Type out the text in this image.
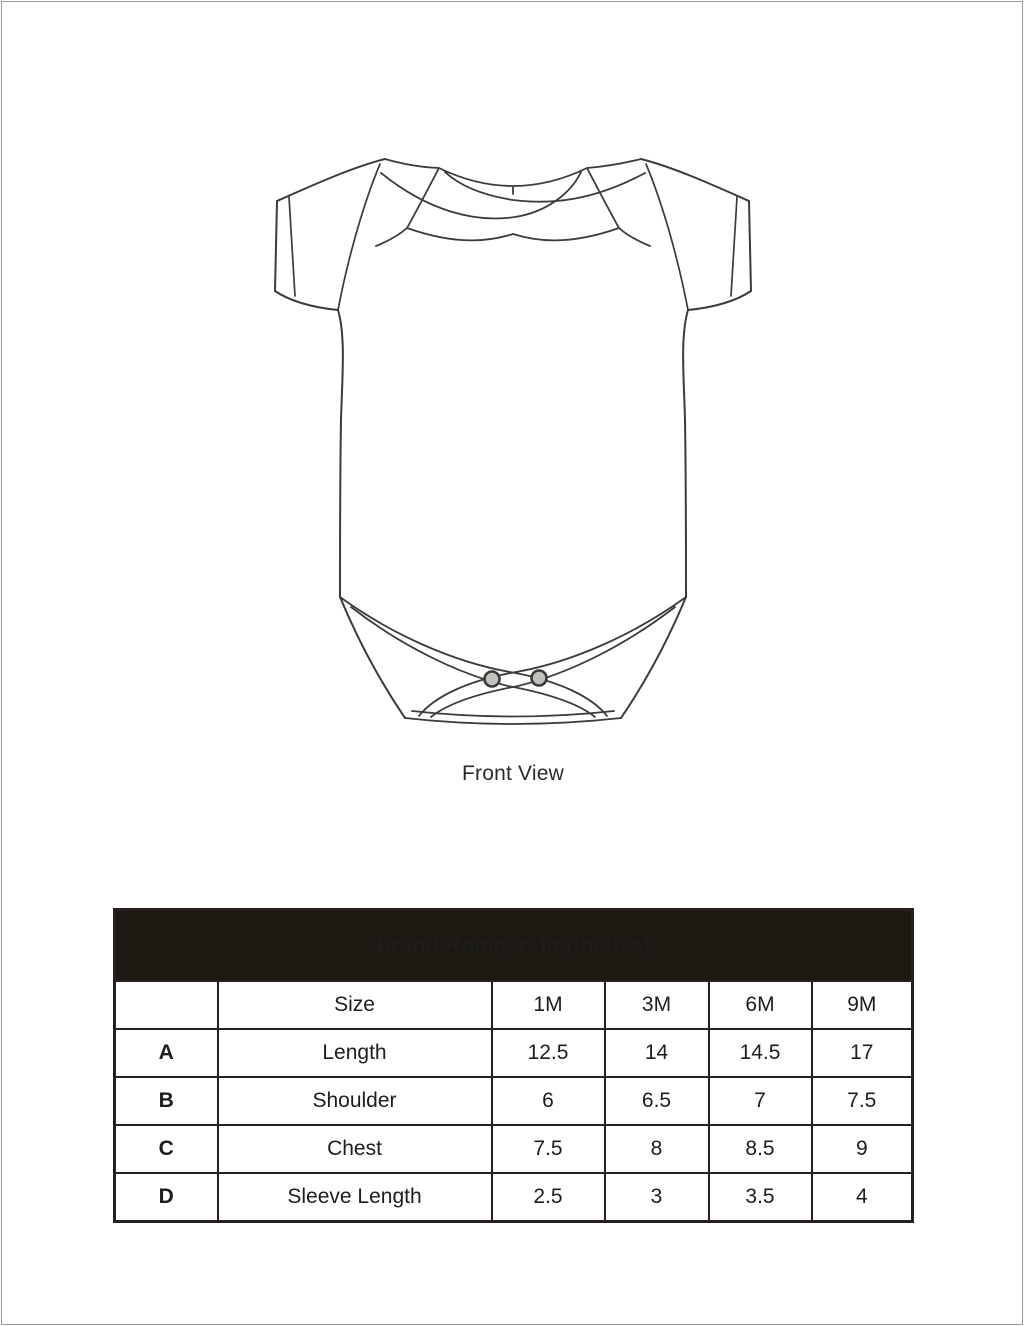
Front View
Brand Romper  in (Inches)					
	Size	1M	3M	6M	9M
A	Length	12.5	14	14.5	17
B	Shoulder	6	6.5	7	7.5
C	Chest	7.5	8	8.5	9
D	Sleeve Length	2.5	3	3.5	4
